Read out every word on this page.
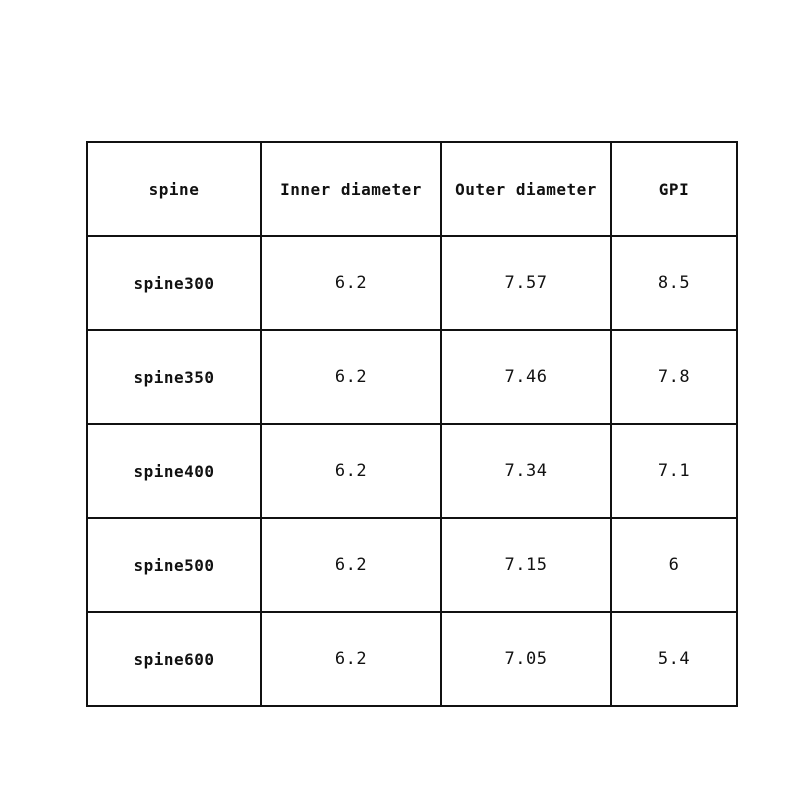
spine	Inner diameter	Outer diameter	GPI
spine300	6.2	7.57	8.5
spine350	6.2	7.46	7.8
spine400	6.2	7.34	7.1
spine500	6.2	7.15	6
spine600	6.2	7.05	5.4
